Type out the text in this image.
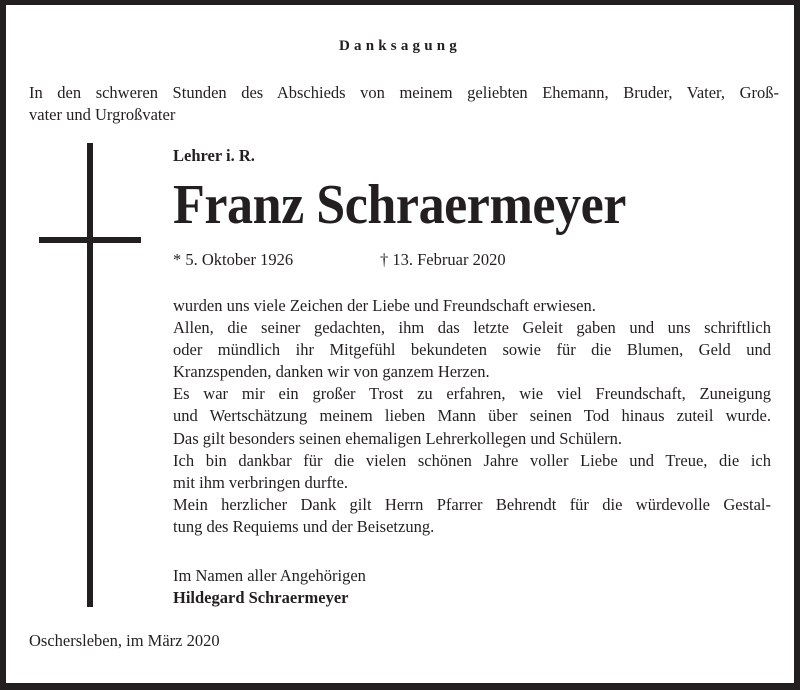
Danksagung
In den schweren Stunden des Abschieds von meinem geliebten Ehemann, Bruder, Vater, Groß-
vater und Urgroßvater
Lehrer i. R.
Franz Schraermeyer
* 5. Oktober 1926	† 13. Februar 2020

wurden uns viele Zeichen der Liebe und Freundschaft erwiesen.

Allen, die seiner gedachten, ihm das letzte Geleit gaben und uns schriftlich

oder mündlich ihr Mitgefühl bekundeten sowie für die Blumen, Geld und

Kranzspenden, danken wir von ganzem Herzen.

Es war mir ein großer Trost zu erfahren, wie viel Freundschaft, Zuneigung

und Wertschätzung meinem lieben Mann über seinen Tod hinaus zuteil wurde.

Das gilt besonders seinen ehemaligen Lehrerkollegen und Schülern.

Ich bin dankbar für die vielen schönen Jahre voller Liebe und Treue, die ich

mit ihm verbringen durfte.

Mein herzlicher Dank gilt Herrn Pfarrer Behrendt für die würdevolle Gestal-

tung des Requiems und der Beisetzung.

Im Namen aller Angehörigen
Hildegard Schraermeyer
Oschersleben, im März 2020
